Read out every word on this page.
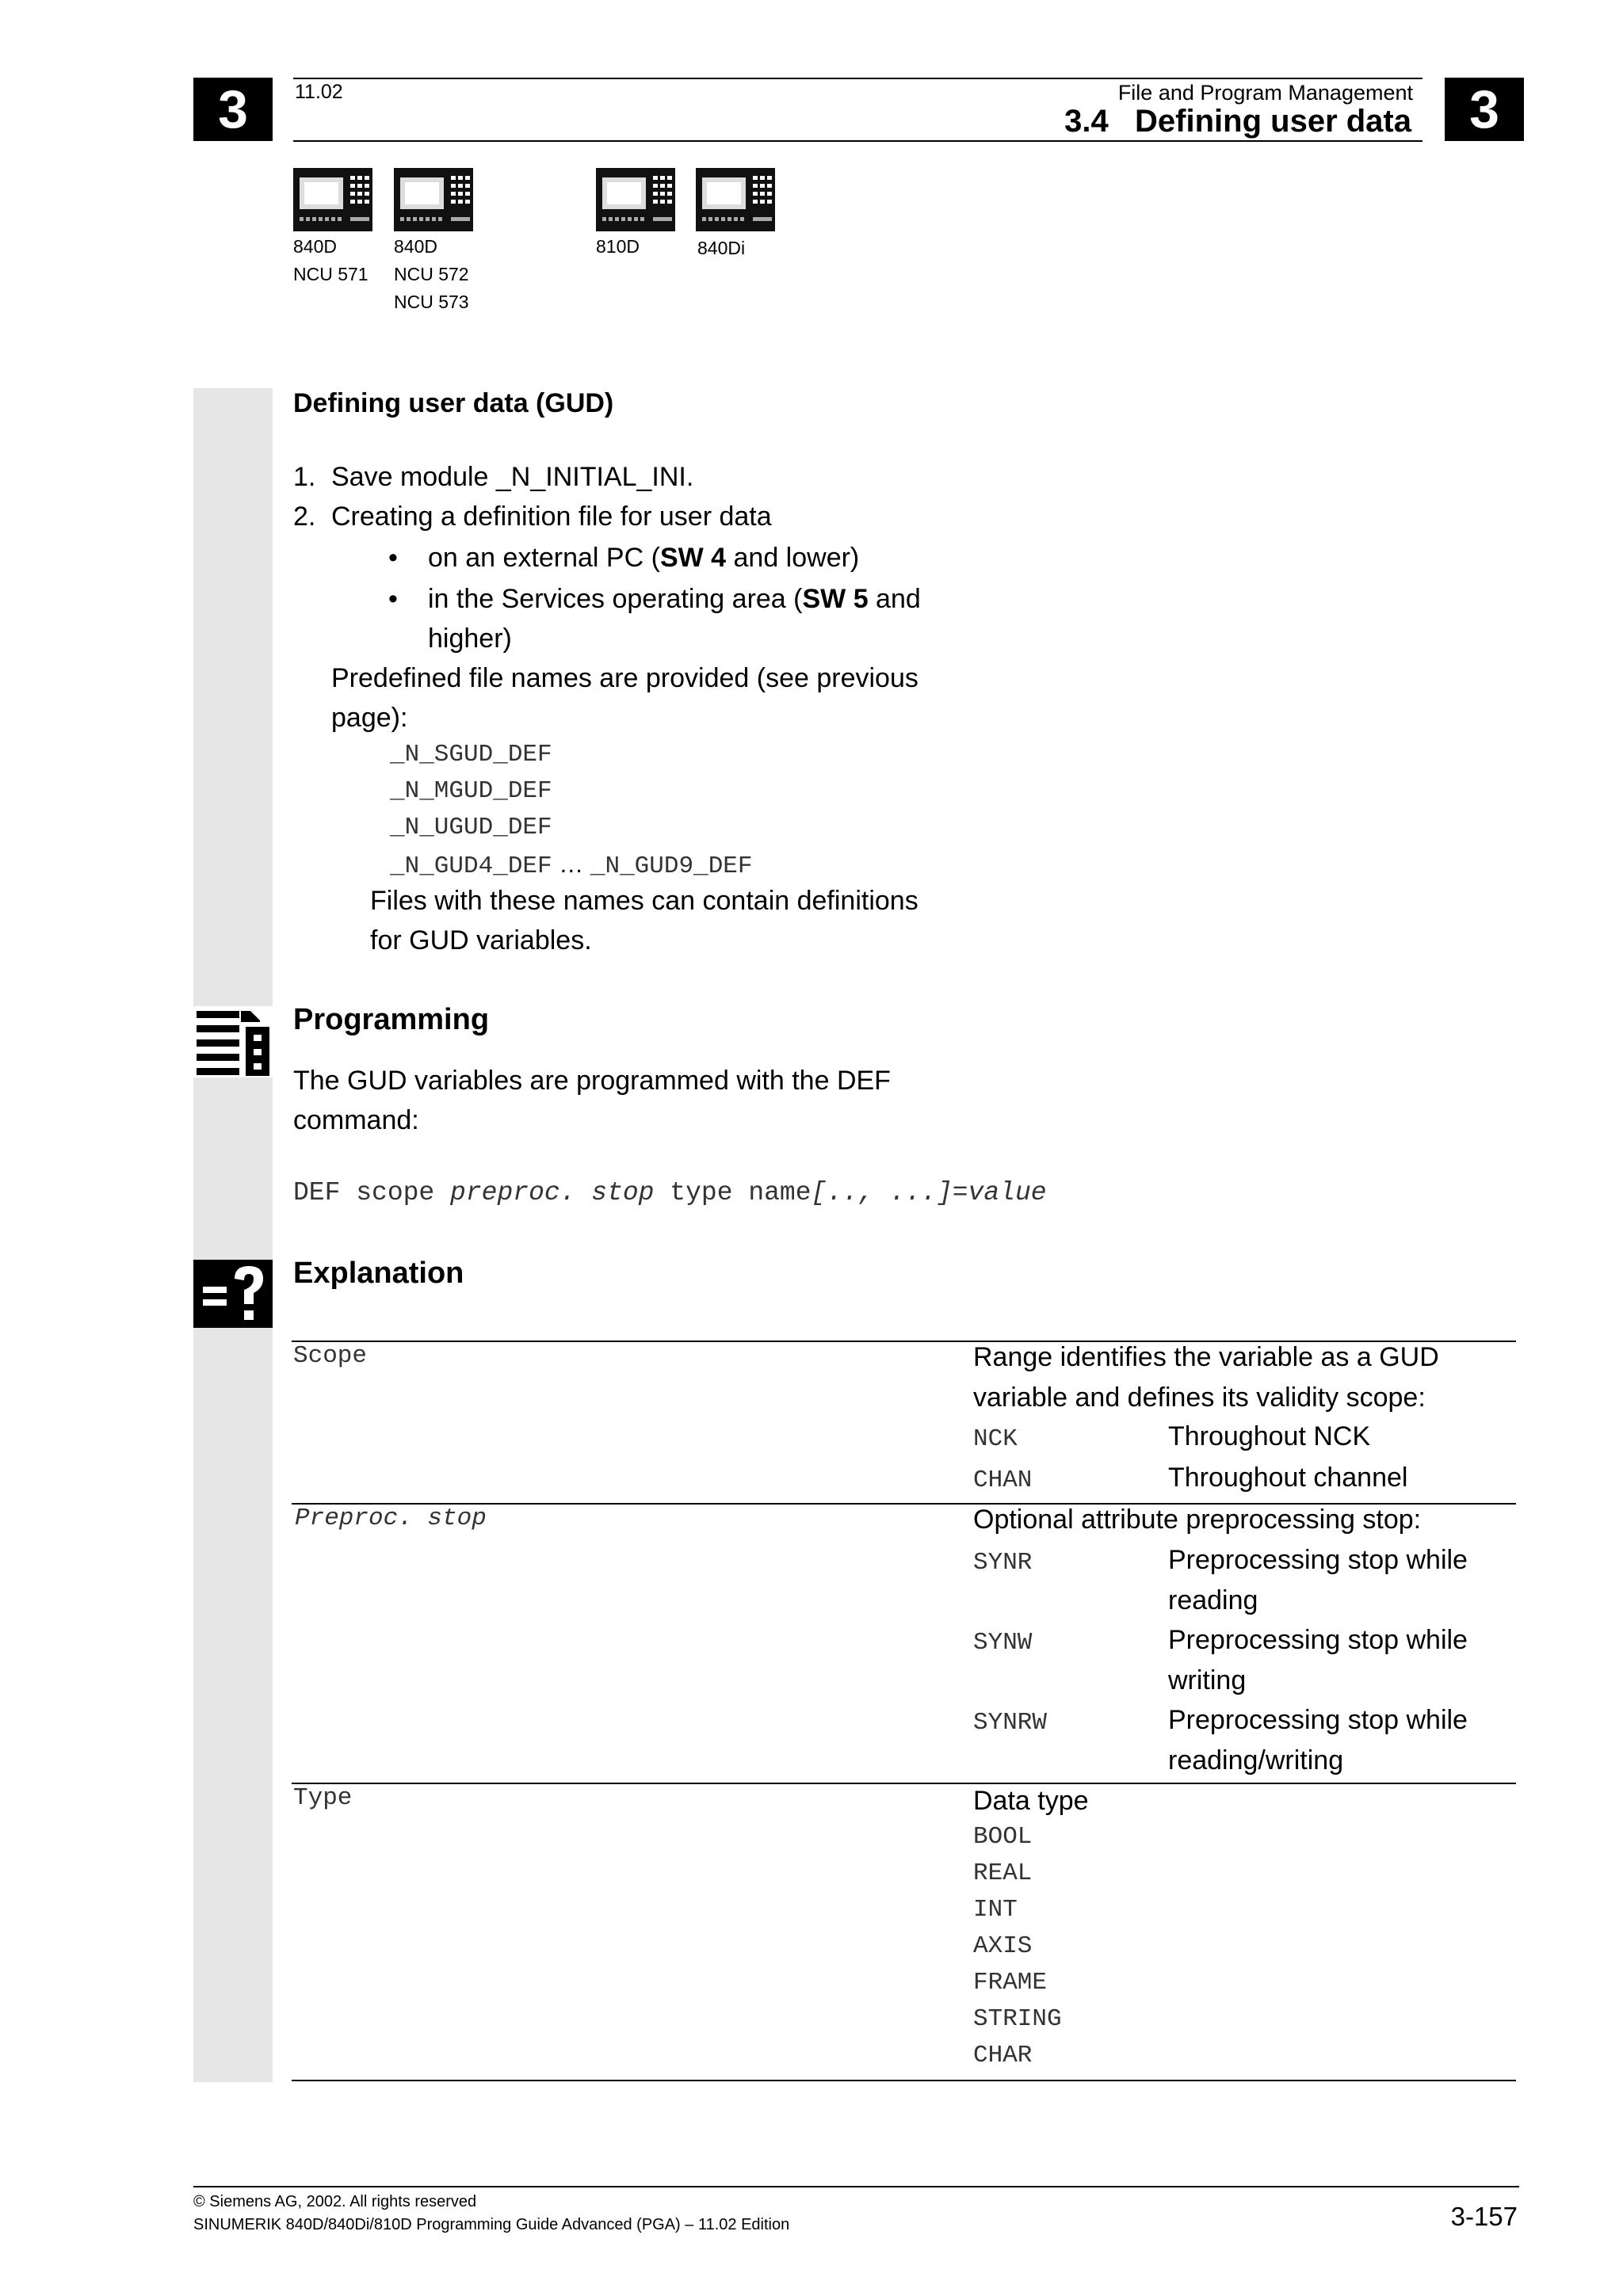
3	3
11.02	File and Program Management
3.4 Defining user data
840D
NCU 571
840D
NCU 572
NCU 573
810D	840Di
Defining user data (GUD)
1. Save module _N_INITIAL_INI.
2. Creating a definition file for user data
• on an external PC (SW 4 and lower)
• in the Services operating area (SW 5 and
higher)
Predefined file names are provided (see previous
page):
_N_SGUD_DEF
_N_MGUD_DEF
_N_UGUD_DEF
_N_GUD4_DEF … _N_GUD9_DEF
Files with these names can contain definitions
for GUD variables.
Programming
The GUD variables are programmed with the DEF
command:
DEF scope preproc. stop type name[.., ...]=value
Explanation
Scope	Range identifies the variable as a GUD
variable and defines its validity scope:
NCK	Throughout NCK
CHAN	Throughout channel
Preproc. stop	Optional attribute preprocessing stop:
SYNR	Preprocessing stop while
reading
SYNW	Preprocessing stop while
writing
SYNRW	Preprocessing stop while
reading/writing
Type	Data type
BOOL
REAL
INT
AXIS
FRAME
STRING
CHAR
© Siemens AG, 2002. All rights reserved
SINUMERIK 840D/840Di/810D Programming Guide Advanced (PGA) – 11.02 Edition	3-157
